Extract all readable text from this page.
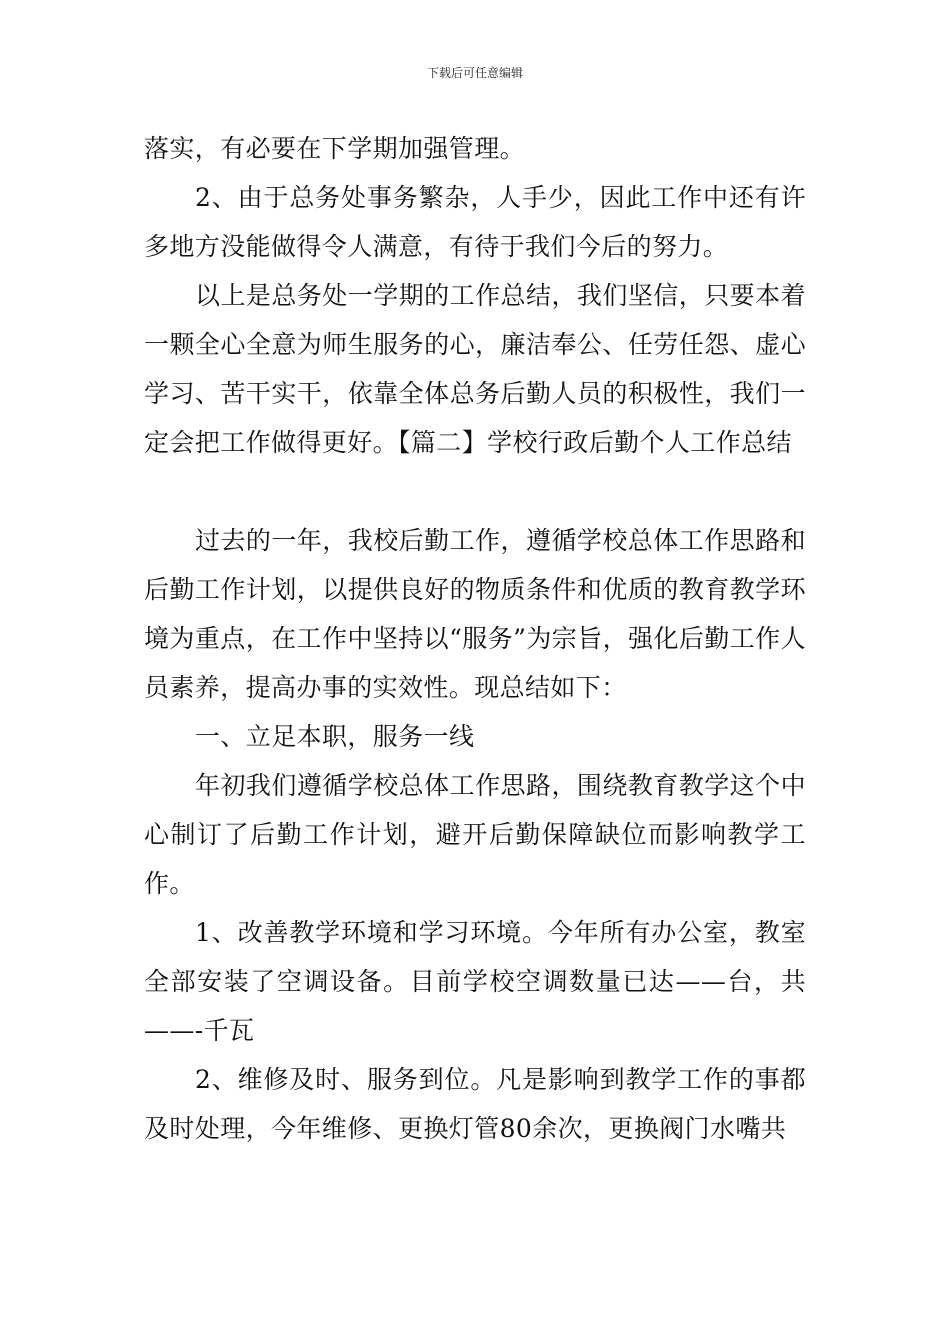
下载后可任意编辑

落实，有必要在下学期加强管理。

2、由于总务处事务繁杂，人手少，因此工作中还有许多地方没能做得令人满意，有待于我们今后的努力。

以上是总务处一学期的工作总结，我们坚信，只要本着一颗全心全意为师生服务的心，廉洁奉公、任劳任怨、虚心学习、苦干实干，依靠全体总务后勤人员的积极性，我们一定会把工作做得更好。【篇二】学校行政后勤个人工作总结

过去的一年，我校后勤工作，遵循学校总体工作思路和后勤工作计划，以提供良好的物质条件和优质的教育教学环境为重点，在工作中坚持以“服务”为宗旨，强化后勤工作人员素养，提高办事的实效性。现总结如下：

一、立足本职，服务一线

年初我们遵循学校总体工作思路，围绕教育教学这个中心制订了后勤工作计划，避开后勤保障缺位而影响教学工作。

1、改善教学环境和学习环境。今年所有办公室，教室全部安装了空调设备。目前学校空调数量已达——台，共——-千瓦

2、维修及时、服务到位。凡是影响到教学工作的事都及时处理，今年维修、更换灯管80余次，更换阀门水嘴共
